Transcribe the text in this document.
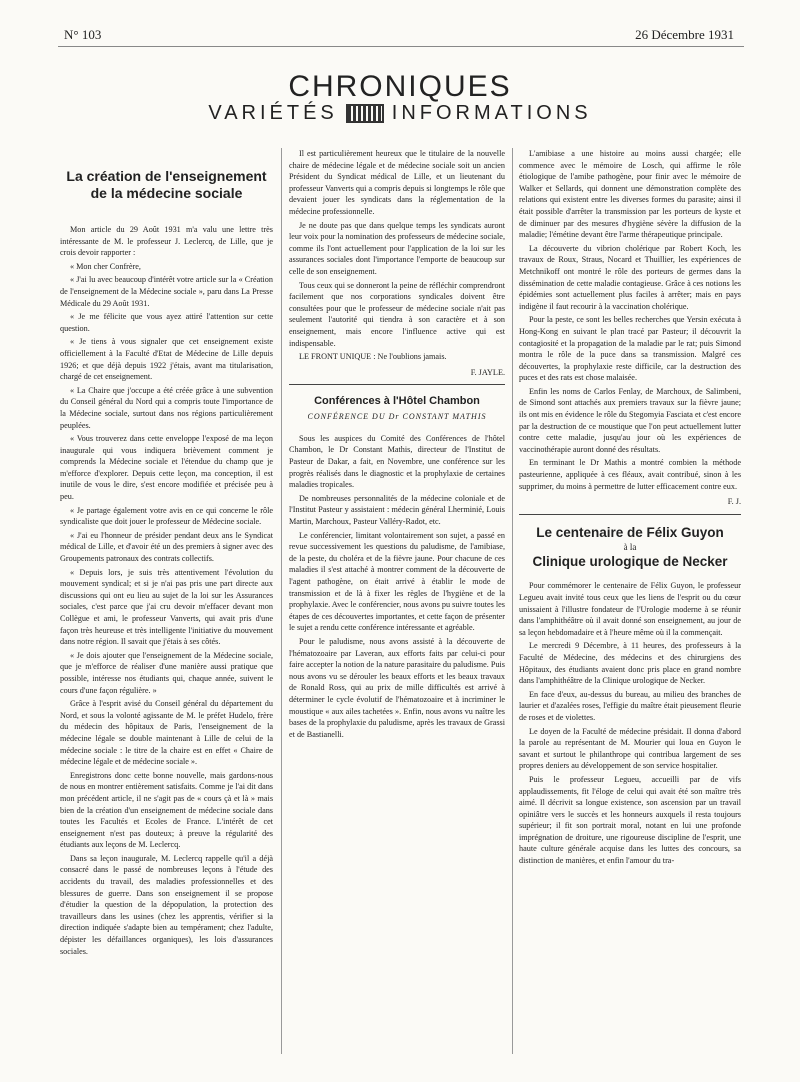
N° 103	26 Décembre 1931
CHRONIQUES
VARIÉTÉS	INFORMATIONS
La création de l'enseignement
de la médecine sociale

Mon article du 29 Août 1931 m'a valu une lettre très intéressante de M. le professeur J. Leclercq, de Lille, que je crois devoir rapporter :

« Mon cher Confrère,

« J'ai lu avec beaucoup d'intérêt votre article sur la « Création de l'enseignement de la Médecine sociale », paru dans La Presse Médicale du 29 Août 1931.

« Je me félicite que vous ayez attiré l'attention sur cette question.

« Je tiens à vous signaler que cet enseignement existe officiellement à la Faculté d'Etat de Médecine de Lille depuis 1926; et que déjà depuis 1922 j'étais, avant ma titularisation, chargé de cet enseignement.

« La Chaire que j'occupe a été créée grâce à une subvention du Conseil général du Nord qui a compris toute l'importance de la Médecine sociale, surtout dans nos régions particulièrement peuplées.

« Vous trouverez dans cette enveloppe l'exposé de ma leçon inaugurale qui vous indiquera brièvement comment je comprends la Médecine sociale et l'étendue du champ que je m'efforce d'explorer. Depuis cette leçon, ma conception, il est inutile de vous le dire, s'est encore modifiée et précisée peu à peu.

« Je partage également votre avis en ce qui concerne le rôle syndicaliste que doit jouer le professeur de Médecine sociale.

« J'ai eu l'honneur de présider pendant deux ans le Syndicat médical de Lille, et d'avoir été un des premiers à signer avec des Groupements patronaux des contrats collectifs.

« Depuis lors, je suis très attentivement l'évolution du mouvement syndical; et si je n'ai pas pris une part directe aux discussions qui ont eu lieu au sujet de la loi sur les Assurances sociales, c'est parce que j'ai cru devoir m'effacer devant mon Collègue et ami, le professeur Vanverts, qui avait pris d'une façon très heureuse et très intelligente l'initiative du mouvement dans notre région. Il savait que j'étais à ses côtés.

« Je dois ajouter que l'enseignement de la Médecine sociale, que je m'efforce de réaliser d'une manière aussi pratique que possible, intéresse nos étudiants qui, chaque année, suivent le cours d'une façon régulière. »

Grâce à l'esprit avisé du Conseil général du département du Nord, et sous la volonté agissante de M. le préfet Hudelo, frère du médecin des hôpitaux de Paris, l'enseignement de la médecine légale se double maintenant à Lille de celui de la médecine sociale : le titre de la chaire est en effet « Chaire de médecine légale et de médecine sociale ».

Enregistrons donc cette bonne nouvelle, mais gardons-nous de nous en montrer entièrement satisfaits. Comme je l'ai dit dans mon précédent article, il ne s'agit pas de « cours çà et là » mais bien de la création d'un enseignement de médecine sociale dans toutes les Facultés et Ecoles de France. L'intérêt de cet enseignement n'est pas douteux; à preuve la régularité des étudiants aux leçons de M. Leclercq.

Dans sa leçon inaugurale, M. Leclercq rappelle qu'il a déjà consacré dans le passé de nombreuses leçons à l'étude des accidents du travail, des maladies professionnelles et des blessures de guerre. Dans son enseignement il se propose d'étudier la question de la dépopulation, la protection des travailleurs dans les usines (chez les apprentis, vérifier si la direction indiquée s'adapte bien au tempérament; chez l'adulte, dépister les défaillances organiques), les lois d'assurances sociales.

Il est particulièrement heureux que le titulaire de la nouvelle chaire de médecine légale et de médecine sociale soit un ancien Président du Syndicat médical de Lille, et un lieutenant du professeur Vanverts qui a compris depuis si longtemps le rôle que devaient jouer les syndicats dans la réglementation de la médecine professionnelle.

Je ne doute pas que dans quelque temps les syndicats auront leur voix pour la nomination des professeurs de médecine sociale, comme ils l'ont actuellement pour l'application de la loi sur les assurances sociales dont l'importance l'emporte de beaucoup sur celle de son enseignement.

Tous ceux qui se donneront la peine de réfléchir comprendront facilement que nos corporations syndicales doivent être consultées pour que le professeur de médecine sociale n'ait pas seulement l'autorité qui tiendra à son caractère et à son enseignement, mais encore l'influence active qui est indispensable.

LE FRONT UNIQUE : Ne l'oublions jamais.

F. JAYLE.

Conférences à l'Hôtel Chambon
CONFÉRENCE DU Dr CONSTANT MATHIS

Sous les auspices du Comité des Conférences de l'hôtel Chambon, le Dr Constant Mathis, directeur de l'Institut de Pasteur de Dakar, a fait, en Novembre, une conférence sur les progrès réalisés dans le diagnostic et la prophylaxie de certaines maladies tropicales.

De nombreuses personnalités de la médecine coloniale et de l'Institut Pasteur y assistaient : médecin général Lherminié, Louis Martin, Marchoux, Pasteur Valléry-Radot, etc.

Le conférencier, limitant volontairement son sujet, a passé en revue successivement les questions du paludisme, de l'amibiase, de la peste, du choléra et de la fièvre jaune. Pour chacune de ces maladies il s'est attaché à montrer comment de la découverte de l'agent pathogène, on était arrivé à établir le mode de transmission et de là à fixer les règles de l'hygiène et de la prophylaxie. Avec le conférencier, nous avons pu suivre toutes les étapes de ces découvertes importantes, et cette façon de présenter le sujet a rendu cette conférence intéressante et agréable.

Pour le paludisme, nous avons assisté à la découverte de l'hématozoaire par Laveran, aux efforts faits par celui-ci pour faire accepter la notion de la nature parasitaire du paludisme. Puis nous avons vu se dérouler les beaux efforts et les beaux travaux de Ronald Ross, qui au prix de mille difficultés est arrivé à déterminer le cycle évolutif de l'hématozoaire et à incriminer le moustique « aux ailes tachetées ». Enfin, nous avons vu naître les bases de la prophylaxie du paludisme, après les travaux de Grassi et de Bastianelli.

L'amibiase a une histoire au moins aussi chargée; elle commence avec le mémoire de Losch, qui affirme le rôle étiologique de l'amibe pathogène, pour finir avec le mémoire de Walker et Sellards, qui donnent une démonstration complète des relations qui existent entre les diverses formes du parasite; ainsi il était possible d'arrêter la transmission par les porteurs de kyste et de diminuer par des mesures d'hygiène sévère la diffusion de la maladie; l'émétine devant être l'arme thérapeutique principale.

La découverte du vibrion cholérique par Robert Koch, les travaux de Roux, Straus, Nocard et Thuillier, les expériences de Metchnikoff ont montré le rôle des porteurs de germes dans la dissémination de cette maladie contagieuse. Grâce à ces notions les épidémies sont actuellement plus faciles à arrêter; mais en pays indigène il faut recourir à la vaccination cholérique.

Pour la peste, ce sont les belles recherches que Yersin exécuta à Hong-Kong en suivant le plan tracé par Pasteur; il découvrit la contagiosité et la propagation de la maladie par le rat; puis Simond montra le rôle de la puce dans sa transmission. Malgré ces découvertes, la prophylaxie reste difficile, car la destruction des puces et des rats est chose malaisée.

Enfin les noms de Carlos Fenlay, de Marchoux, de Salimbeni, de Simond sont attachés aux premiers travaux sur la fièvre jaune; ils ont mis en évidence le rôle du Stegomyia Fasciata et c'est encore par la destruction de ce moustique que l'on peut actuellement lutter contre cette maladie, jusqu'au jour où les expériences de vaccinothérapie auront donné des résultats.

En terminant le Dr Mathis a montré combien la méthode pasteurienne, appliquée à ces fléaux, avait contribué, sinon à les supprimer, du moins à permettre de lutter efficacement contre eux.

F. J.

Le centenaire de Félix Guyon
à la
Clinique urologique de Necker

Pour commémorer le centenaire de Félix Guyon, le professeur Legueu avait invité tous ceux que les liens de l'esprit ou du cœur unissaient à l'illustre fondateur de l'Urologie moderne à se réunir dans l'amphithéâtre où il avait donné son enseignement, au jour de sa leçon hebdomadaire et à l'heure même où il la commençait.

Le mercredi 9 Décembre, à 11 heures, des professeurs à la Faculté de Médecine, des médecins et des chirurgiens des Hôpitaux, des étudiants avaient donc pris place en grand nombre dans l'amphithéâtre de la Clinique urologique de Necker.

En face d'eux, au-dessus du bureau, au milieu des branches de laurier et d'azalées roses, l'effigie du maître était pieusement fleurie de roses et de violettes.

Le doyen de la Faculté de médecine présidait. Il donna d'abord la parole au représentant de M. Mourier qui loua en Guyon le savant et surtout le philanthrope qui contribua largement de ses propres deniers au développement de son service hospitalier.

Puis le professeur Legueu, accueilli par de vifs applaudissements, fit l'éloge de celui qui avait été son maître très aimé. Il décrivit sa longue existence, son ascension par un travail opiniâtre vers le succès et les honneurs auxquels il resta toujours supérieur; il fit son portrait moral, notant en lui une profonde imprégnation de droiture, une rigoureuse discipline de l'esprit, une haute culture générale acquise dans les luttes des concours, sa distinction de manières, et enfin l'amour du tra-
